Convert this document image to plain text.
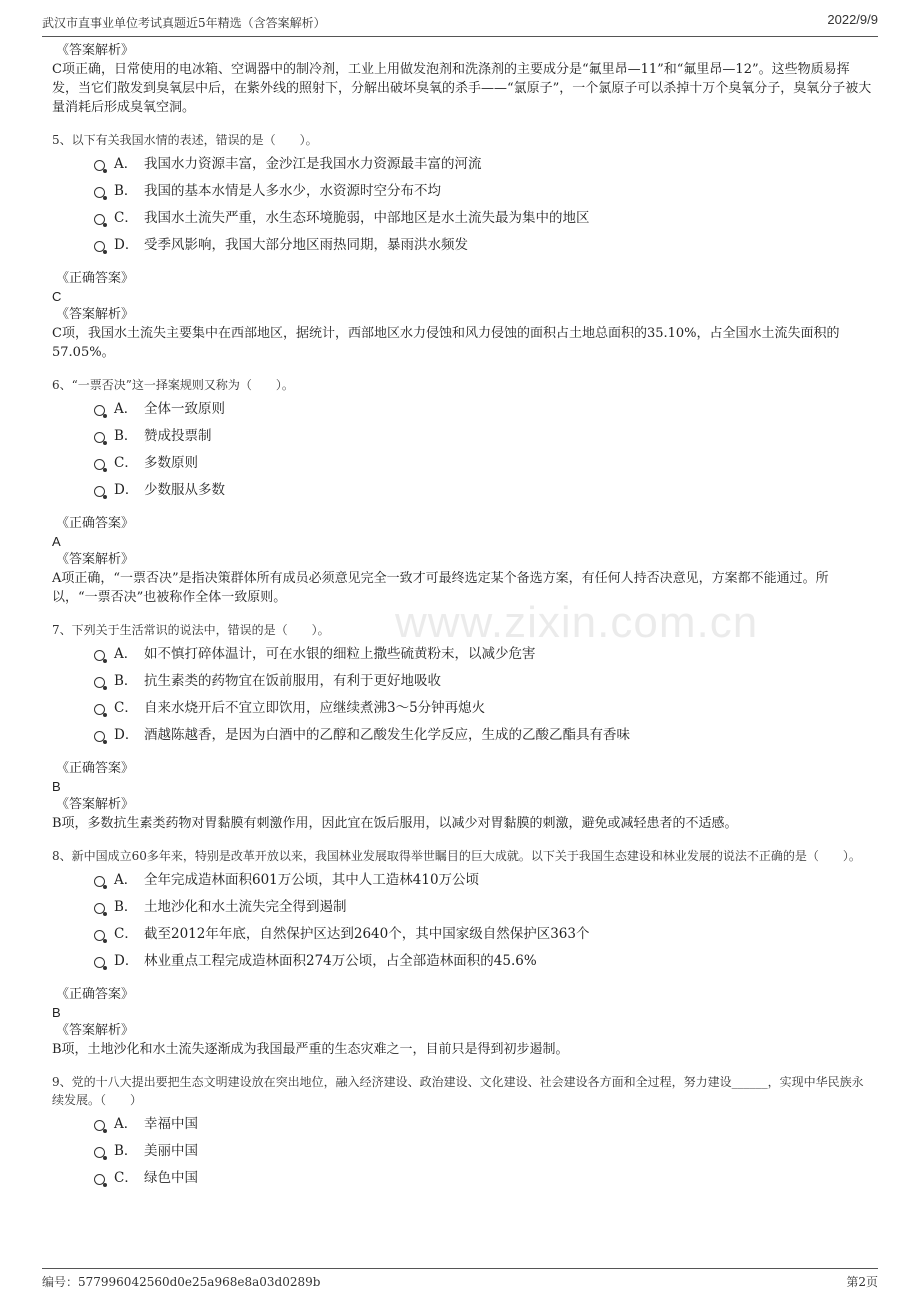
武汉市直事业单位考试真题近5年精选（含答案解析）	2022/9/9

《答案解析》

C项正确，日常使用的电冰箱、空调器中的制冷剂，工业上用做发泡剂和洗涤剂的主要成分是“氟里昂—11”和“氟里昂—12”。这些物质易挥发，当它们散发到臭氧层中后，在紫外线的照射下，分解出破坏臭氧的杀手——“氯原子”，一个氯原子可以杀掉十万个臭氧分子，臭氧分子被大量消耗后形成臭氧空洞。

5、以下有关我国水情的表述，错误的是（　　）。

A． 我国水力资源丰富，金沙江是我国水力资源最丰富的河流
B． 我国的基本水情是人多水少，水资源时空分布不均
C． 我国水土流失严重，水生态环境脆弱，中部地区是水土流失最为集中的地区
D． 受季风影响，我国大部分地区雨热同期，暴雨洪水频发

《正确答案》

C

《答案解析》

C项，我国水土流失主要集中在西部地区，据统计，西部地区水力侵蚀和风力侵蚀的面积占土地总面积的35.10%，占全国水土流失面积的57.05%。

6、“一票否决”这一择案规则又称为（　　）。

A． 全体一致原则
B． 赞成投票制
C． 多数原则
D． 少数服从多数

《正确答案》

A

《答案解析》

A项正确，“一票否决”是指决策群体所有成员必须意见完全一致才可最终选定某个备选方案，有任何人持否决意见，方案都不能通过。所以，“一票否决”也被称作全体一致原则。

7、下列关于生活常识的说法中，错误的是（　　）。

A． 如不慎打碎体温计，可在水银的细粒上撒些硫黄粉末，以减少危害
B． 抗生素类的药物宜在饭前服用，有利于更好地吸收
C． 自来水烧开后不宜立即饮用，应继续煮沸3～5分钟再熄火
D． 酒越陈越香，是因为白酒中的乙醇和乙酸发生化学反应，生成的乙酸乙酯具有香味

《正确答案》

B

《答案解析》

B项，多数抗生素类药物对胃黏膜有刺激作用，因此宜在饭后服用，以减少对胃黏膜的刺激，避免或减轻患者的不适感。

8、新中国成立60多年来，特别是改革开放以来，我国林业发展取得举世瞩目的巨大成就。以下关于我国生态建设和林业发展的说法不正确的是（　　）。

A． 全年完成造林面积601万公顷，其中人工造林410万公顷
B． 土地沙化和水土流失完全得到遏制
C． 截至2012年年底，自然保护区达到2640个，其中国家级自然保护区363个
D． 林业重点工程完成造林面积274万公顷，占全部造林面积的45.6%

《正确答案》

B

《答案解析》

B项，土地沙化和水土流失逐渐成为我国最严重的生态灾难之一，目前只是得到初步遏制。

9、党的十八大提出要把生态文明建设放在突出地位，融入经济建设、政治建设、文化建设、社会建设各方面和全过程，努力建设______，实现中华民族永续发展。（　　）

A． 幸福中国
B． 美丽中国
C． 绿色中国
www.zixin.com.cn
编号：577996042560d0e25a968e8a03d0289b	第2页
